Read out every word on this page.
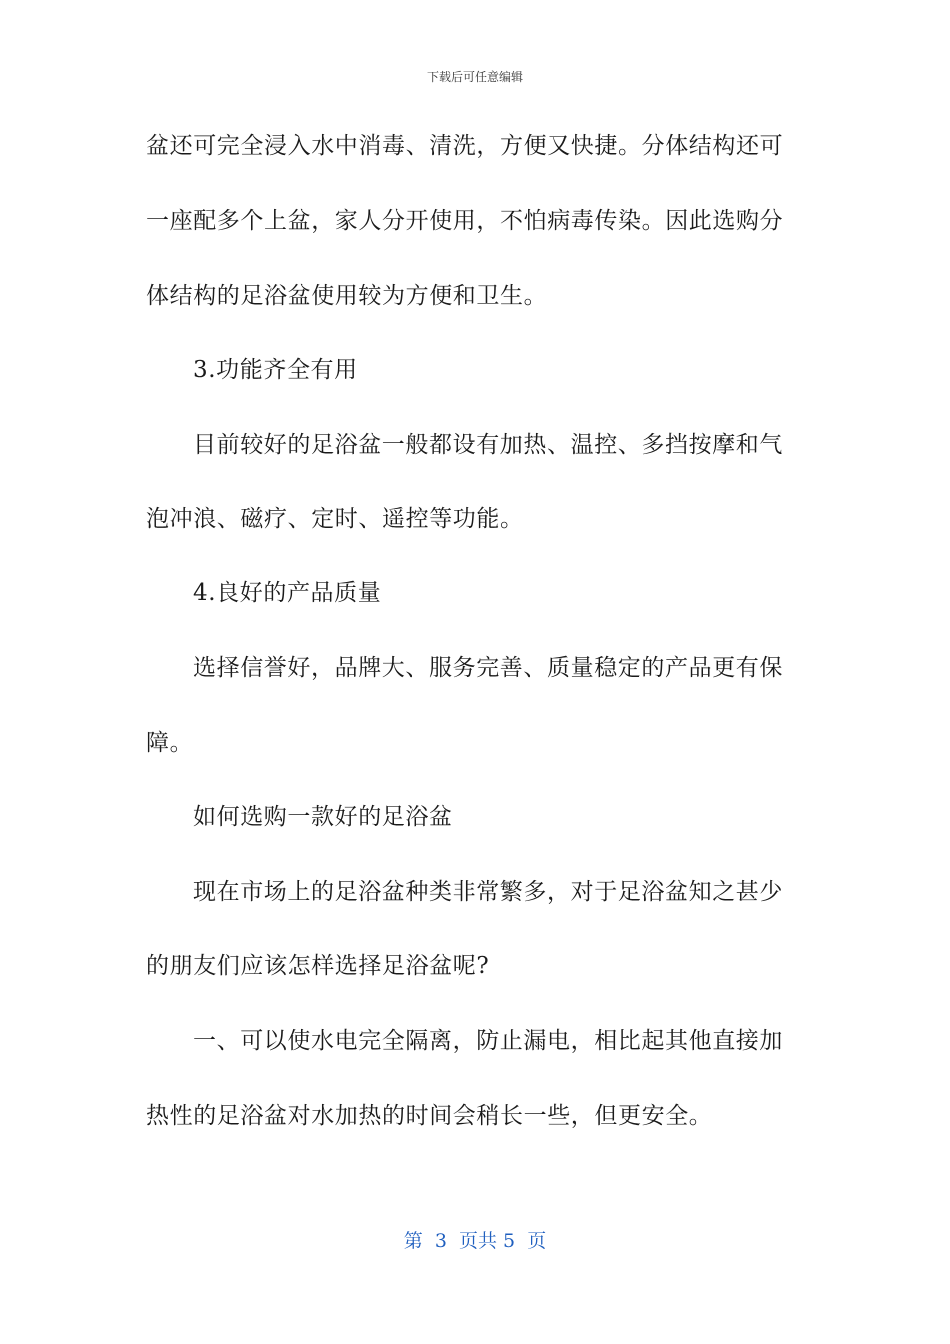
下载后可任意编辑
盆还可完全浸入水中消毒、清洗，方便又快捷。分体结构还可
一座配多个上盆，家人分开使用，不怕病毒传染。因此选购分
体结构的足浴盆使用较为方便和卫生。
3.功能齐全有用
目前较好的足浴盆一般都设有加热、温控、多挡按摩和气
泡冲浪、磁疗、定时、遥控等功能。
4.良好的产品质量
选择信誉好，品牌大、服务完善、质量稳定的产品更有保
障。
如何选购一款好的足浴盆
现在市场上的足浴盆种类非常繁多，对于足浴盆知之甚少
的朋友们应该怎样选择足浴盆呢?
一、可以使水电完全隔离，防止漏电，相比起其他直接加
热性的足浴盆对水加热的时间会稍长一些，但更安全。
第  3  页共 5  页
